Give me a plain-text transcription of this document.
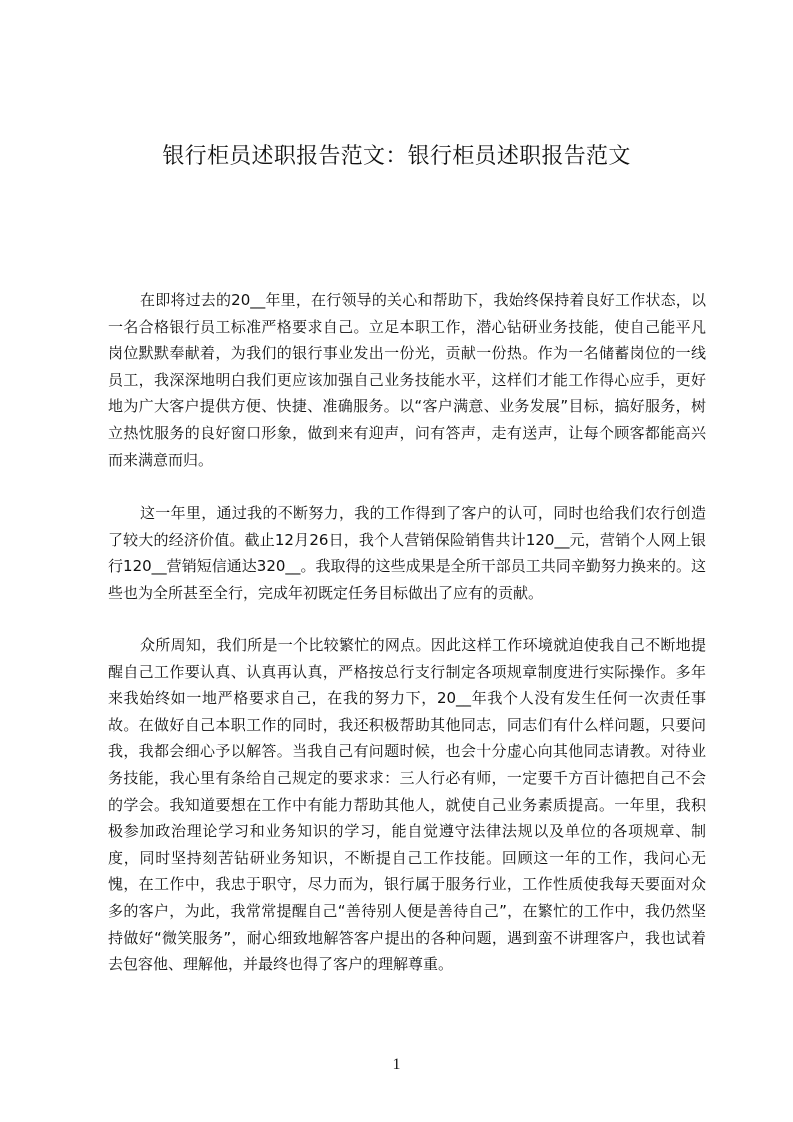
银行柜员述职报告范文：银行柜员述职报告范文

在即将过去的20__年里，在行领导的关心和帮助下，我始终保持着良好工作状态，以一名合格银行员工标准严格要求自己。立足本职工作，潜心钻研业务技能，使自己能平凡岗位默默奉献着，为我们的银行事业发出一份光，贡献一份热。作为一名储蓄岗位的一线员工，我深深地明白我们更应该加强自己业务技能水平，这样们才能工作得心应手，更好地为广大客户提供方便、快捷、准确服务。以“客户满意、业务发展”目标，搞好服务，树立热忱服务的良好窗口形象，做到来有迎声，问有答声，走有送声，让每个顾客都能高兴而来满意而归。

这一年里，通过我的不断努力，我的工作得到了客户的认可，同时也给我们农行创造了较大的经济价值。截止12月26日，我个人营销保险销售共计120__元，营销个人网上银行120__营销短信通达320__。我取得的这些成果是全所干部员工共同辛勤努力换来的。这些也为全所甚至全行，完成年初既定任务目标做出了应有的贡献。

众所周知，我们所是一个比较繁忙的网点。因此这样工作环境就迫使我自己不断地提醒自己工作要认真、认真再认真，严格按总行支行制定各项规章制度进行实际操作。多年来我始终如一地严格要求自己，在我的努力下，20__年我个人没有发生任何一次责任事故。在做好自己本职工作的同时，我还积极帮助其他同志，同志们有什么样问题，只要问我，我都会细心予以解答。当我自己有问题时候，也会十分虚心向其他同志请教。对待业务技能，我心里有条给自己规定的要求求：三人行必有师，一定要千方百计德把自己不会的学会。我知道要想在工作中有能力帮助其他人，就使自己业务素质提高。一年里，我积极参加政治理论学习和业务知识的学习，能自觉遵守法律法规以及单位的各项规章、制度，同时坚持刻苦钻研业务知识，不断提自己工作技能。回顾这一年的工作，我问心无愧，在工作中，我忠于职守，尽力而为，银行属于服务行业，工作性质使我每天要面对众多的客户，为此，我常常提醒自己“善待别人便是善待自己”，在繁忙的工作中，我仍然坚持做好“微笑服务”，耐心细致地解答客户提出的各种问题，遇到蛮不讲理客户，我也试着去包容他、理解他，并最终也得了客户的理解尊重。

1
